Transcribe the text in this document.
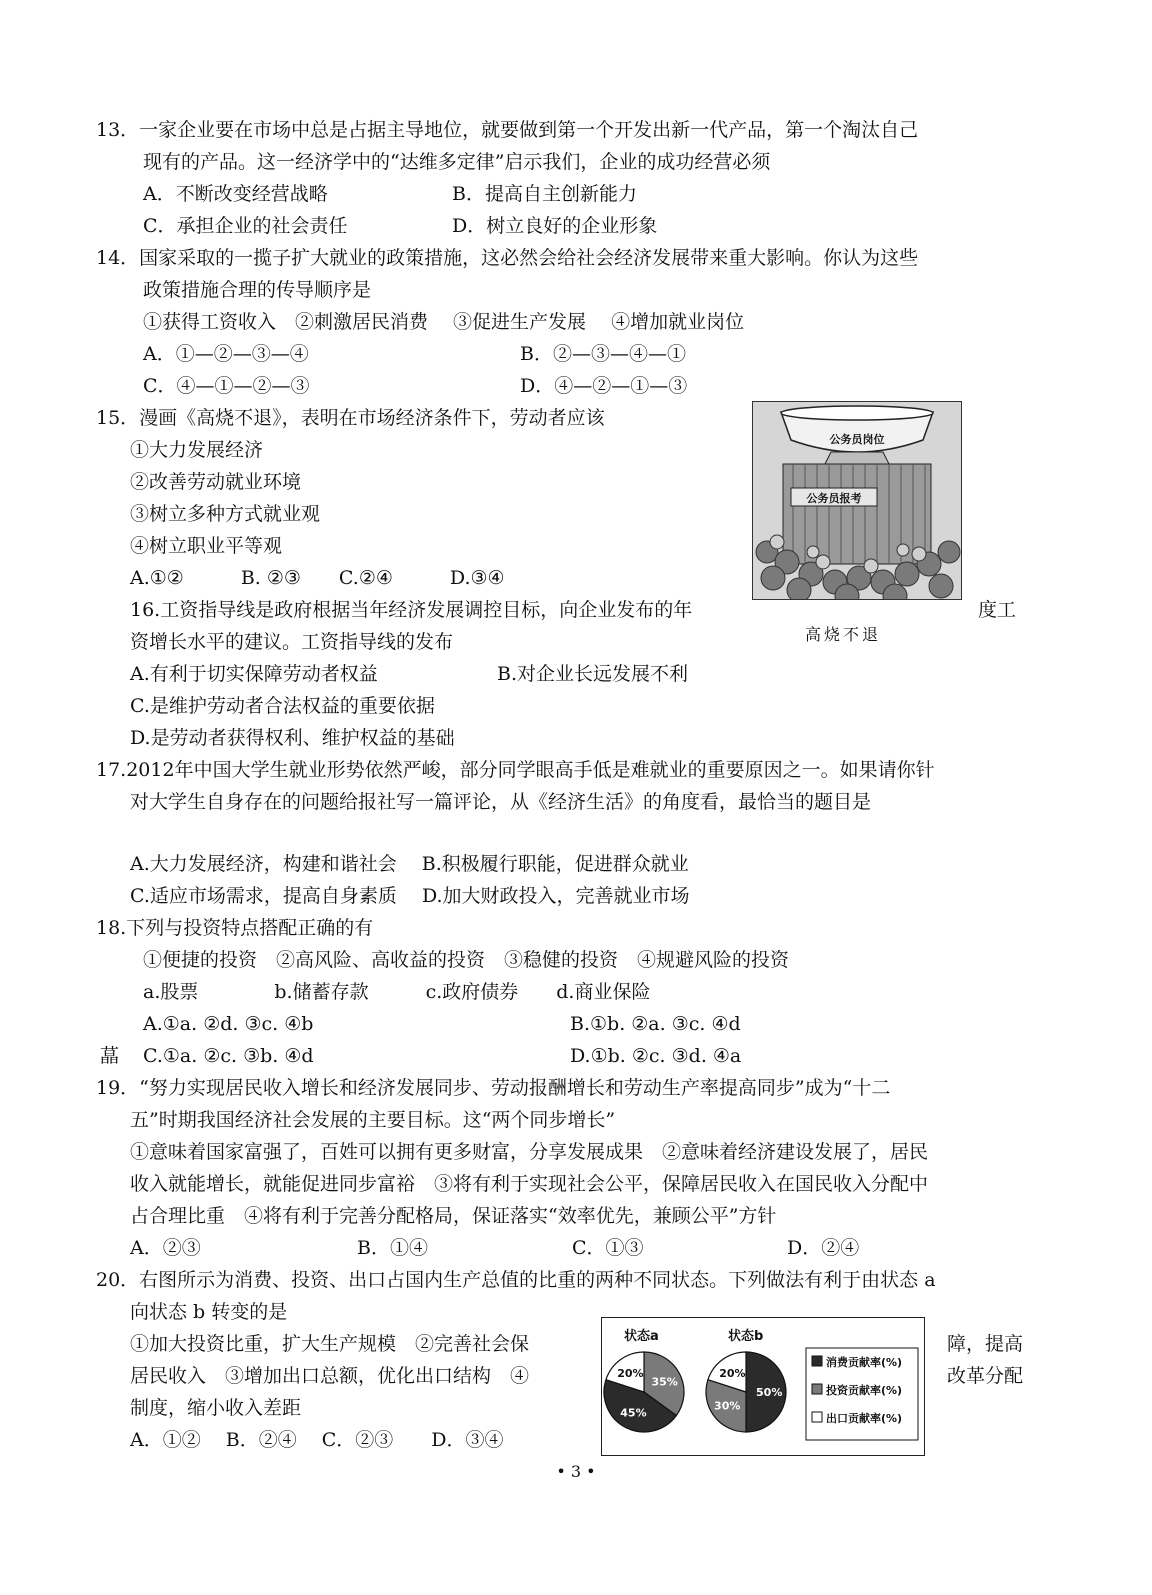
13．一家企业要在市场中总是占据主导地位，就要做到第一个开发出新一代产品，第一个淘汰自己
现有的产品。这一经济学中的“达维多定律”启示我们，企业的成功经营必须
A．不断改变经营战略	B．提高自主创新能力
C．承担企业的社会责任	D．树立良好的企业形象
14．国家采取的一揽子扩大就业的政策措施，这必然会给社会经济发展带来重大影响。你认为这些
政策措施合理的传导顺序是
①获得工资收入　②刺激居民消费　 ③促进生产发展　 ④增加就业岗位
A．①—②—③—④	B．②—③—④—①
C．④—①—②—③	D．④—②—①—③
15．漫画《高烧不退》，表明在市场经济条件下，劳动者应该
①大力发展经济
②改善劳动就业环境
③树立多种方式就业观
④树立职业平等观
A.①②　　　B. ②③　　C.②④　　　D.③④
公务员岗位
公务员报考
高烧不退
16.工资指导线是政府根据当年经济发展调控目标，向企业发布的年	度工
资增长水平的建议。工资指导线的发布
A.有利于切实保障劳动者权益	B.对企业长远发展不利
C.是维护劳动者合法权益的重要依据
D.是劳动者获得权利、维护权益的基础
17.2012年中国大学生就业形势依然严峻，部分同学眼高手低是难就业的重要原因之一。如果请你针
对大学生自身存在的问题给报社写一篇评论，从《经济生活》的角度看，最恰当的题目是
A.大力发展经济，构建和谐社会　 B.积极履行职能，促进群众就业
C.适应市场需求，提高自身素质　 D.加大财政投入，完善就业市场
18.下列与投资特点搭配正确的有
①便捷的投资　②高风险、高收益的投资　③稳健的投资　④规避风险的投资
a.股票　　　　b.储蓄存款　　　c.政府债券　　d.商业保险
A.①a. ②d. ③c. ④b	B.①b. ②a. ③c. ④d
蕌 C.①a. ②c. ③b. ④d	D.①b. ②c. ③d. ④a
19．“努力实现居民收入增长和经济发展同步、劳动报酬增长和劳动生产率提高同步”成为“十二
五”时期我国经济社会发展的主要目标。这“两个同步增长”
①意味着国家富强了，百姓可以拥有更多财富，分享发展成果　②意味着经济建设发展了，居民
收入就能增长，就能促进同步富裕　③将有利于实现社会公平，保障居民收入在国民收入分配中
占合理比重　④将有利于完善分配格局，保证落实“效率优先，兼顾公平”方针
A．②③	B．①④	C．①③	D．②④
20．右图所示为消费、投资、出口占国内生产总值的比重的两种不同状态。下列做法有利于由状态 a
向状态 b 转变的是
①加大投资比重，扩大生产规模　②完善社会保	障，提高
居民收入　③增加出口总额，优化出口结构　④	改革分配
制度，缩小收入差距
A．①②　 B．②④　 C．②③　　D．③④
状态a
35%
45%
20%
状态b
50%
30%
20%
消费贡献率(%)
投资贡献率(%)
出口贡献率(%)
• 3 •
